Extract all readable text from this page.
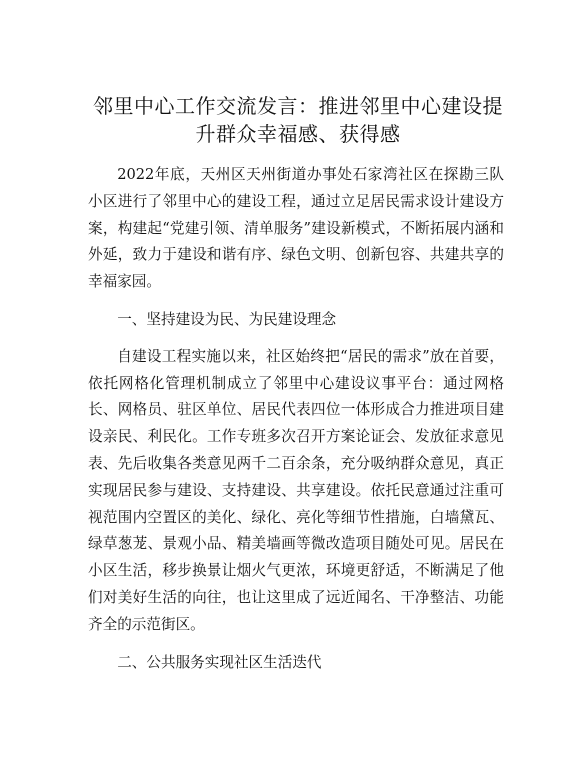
邻里中心工作交流发言：推进邻里中心建设提升群众幸福感、获得感

2022年底，天州区天州街道办事处石家湾社区在探勘三队小区进行了邻里中心的建设工程，通过立足居民需求设计建设方案，构建起“党建引领、清单服务”建设新模式，不断拓展内涵和外延，致力于建设和谐有序、绿色文明、创新包容、共建共享的幸福家园。

一、坚持建设为民、为民建设理念

自建设工程实施以来，社区始终把“居民的需求”放在首要，依托网格化管理机制成立了邻里中心建设议事平台：通过网格长、网格员、驻区单位、居民代表四位一体形成合力推进项目建设亲民、利民化。工作专班多次召开方案论证会、发放征求意见表、先后收集各类意见两千二百余条，充分吸纳群众意见，真正实现居民参与建设、支持建设、共享建设。依托民意通过注重可视范围内空置区的美化、绿化、亮化等细节性措施，白墙黛瓦、绿草葱茏、景观小品、精美墙画等微改造项目随处可见。居民在小区生活，移步换景让烟火气更浓，环境更舒适，不断满足了他们对美好生活的向往，也让这里成了远近闻名、干净整洁、功能齐全的示范街区。

二、公共服务实现社区生活迭代
